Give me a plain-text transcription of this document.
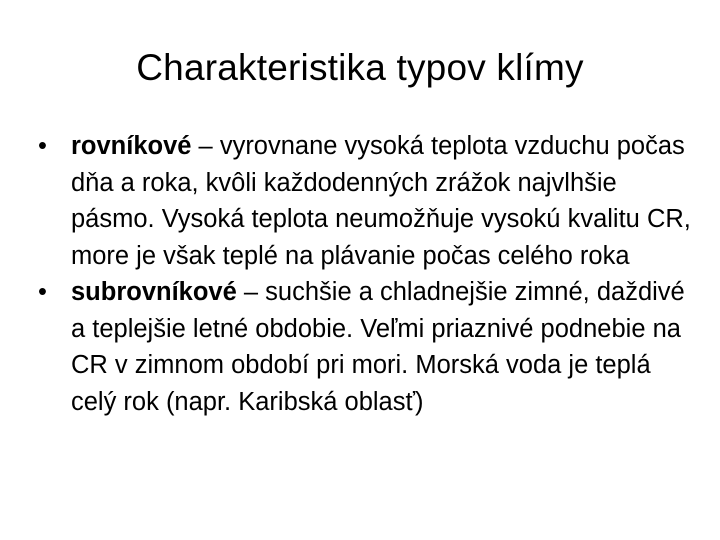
Charakteristika typov klímy
• rovníkové – vyrovnane vysoká teplota vzduchu počas dňa a roka, kvôli každodenných zrážok najvlhšie pásmo. Vysoká teplota neumožňuje vysokú kvalitu CR, more je však teplé na plávanie počas celého roka
• subrovníkové – suchšie a chladnejšie zimné, daždivé a teplejšie letné obdobie. Veľmi priaznivé podnebie na CR v zimnom období pri mori. Morská voda je teplá celý rok (napr. Karibská oblasť)
